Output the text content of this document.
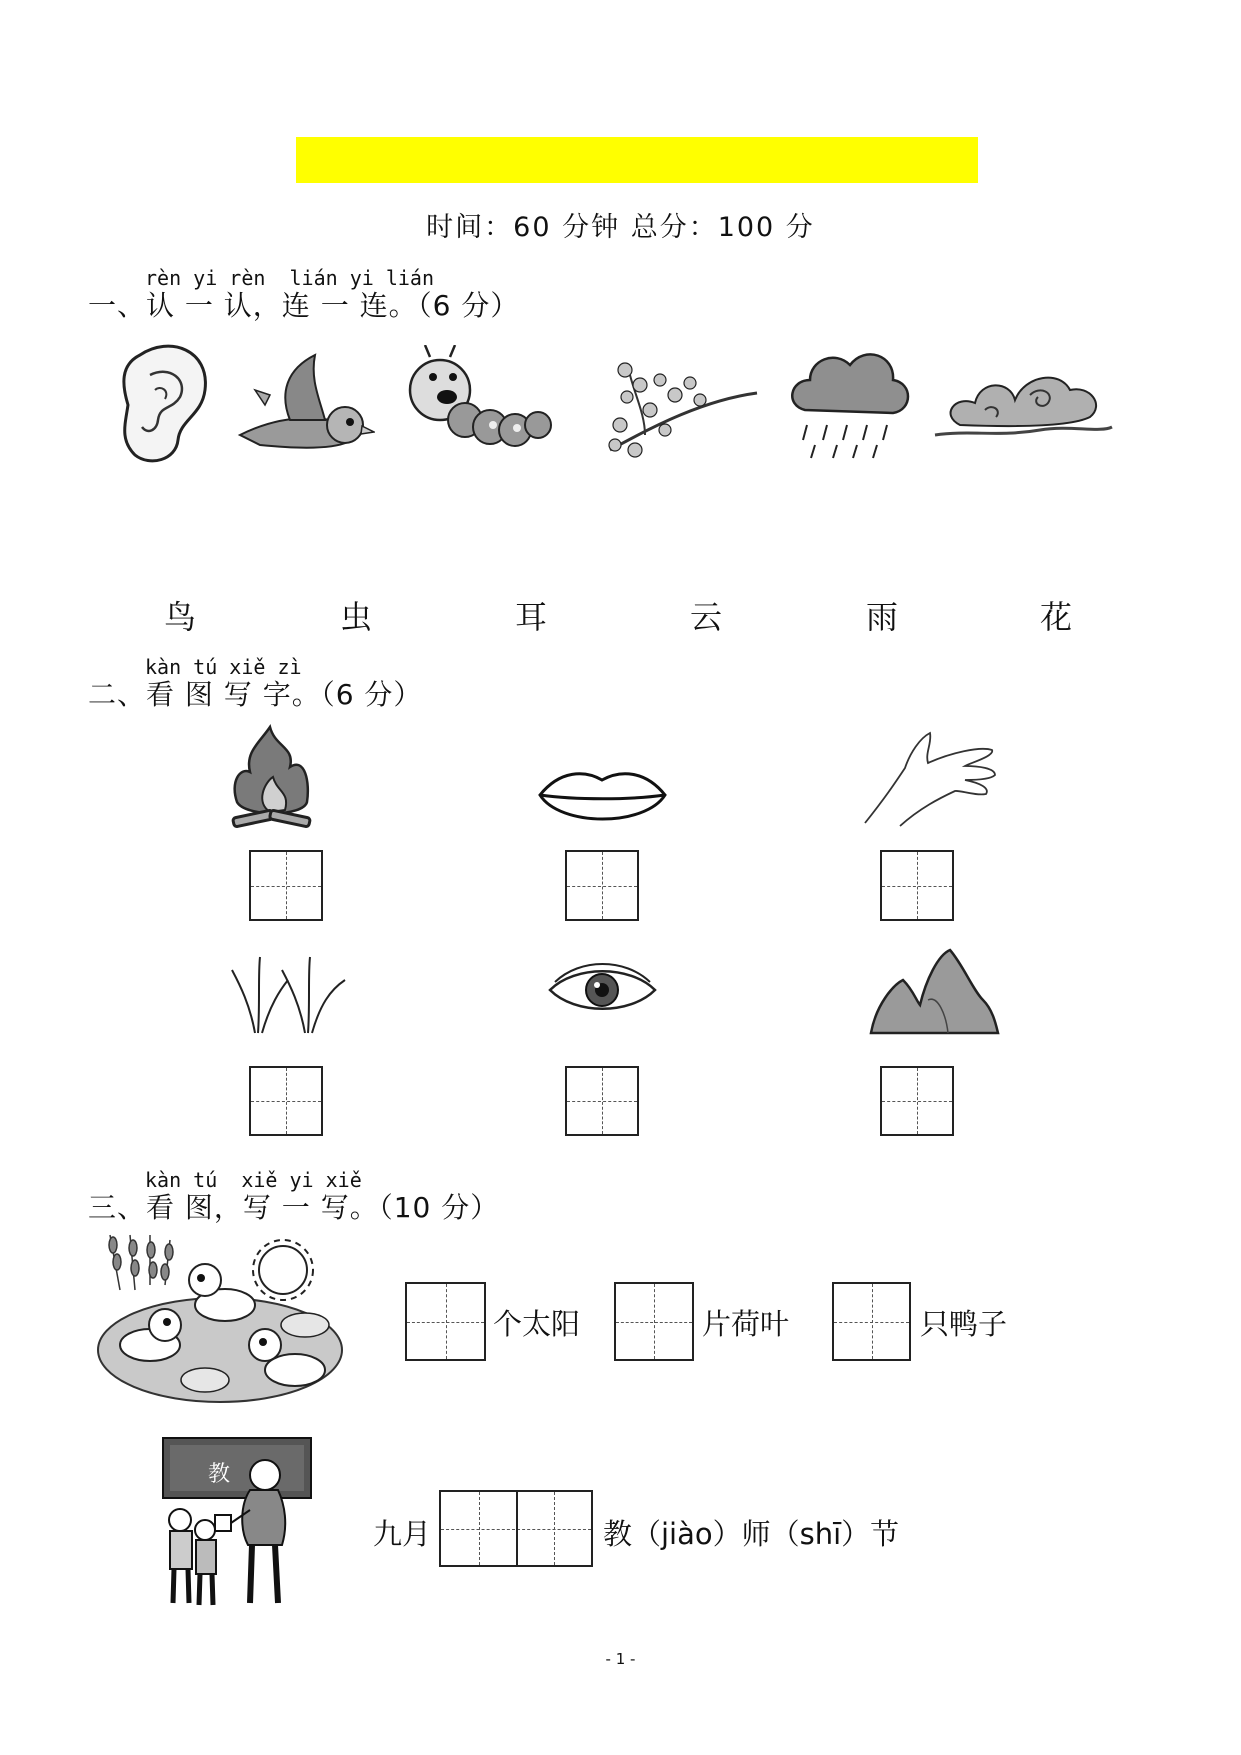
时间：60 分钟 总分：100 分
rèn yi rèn  lián yi lián
一、认 一 认，连 一 连。（6 分）
鸟	虫	耳	云	雨	花
kàn tú xiě zì
二、看 图 写 字。（6 分）
kàn tú  xiě yi xiě
三、看 图，写 一 写。（10 分）
个太阳	片荷叶	只鸭子
教
九月	教（jiào）师（shī）节
- 1 -
